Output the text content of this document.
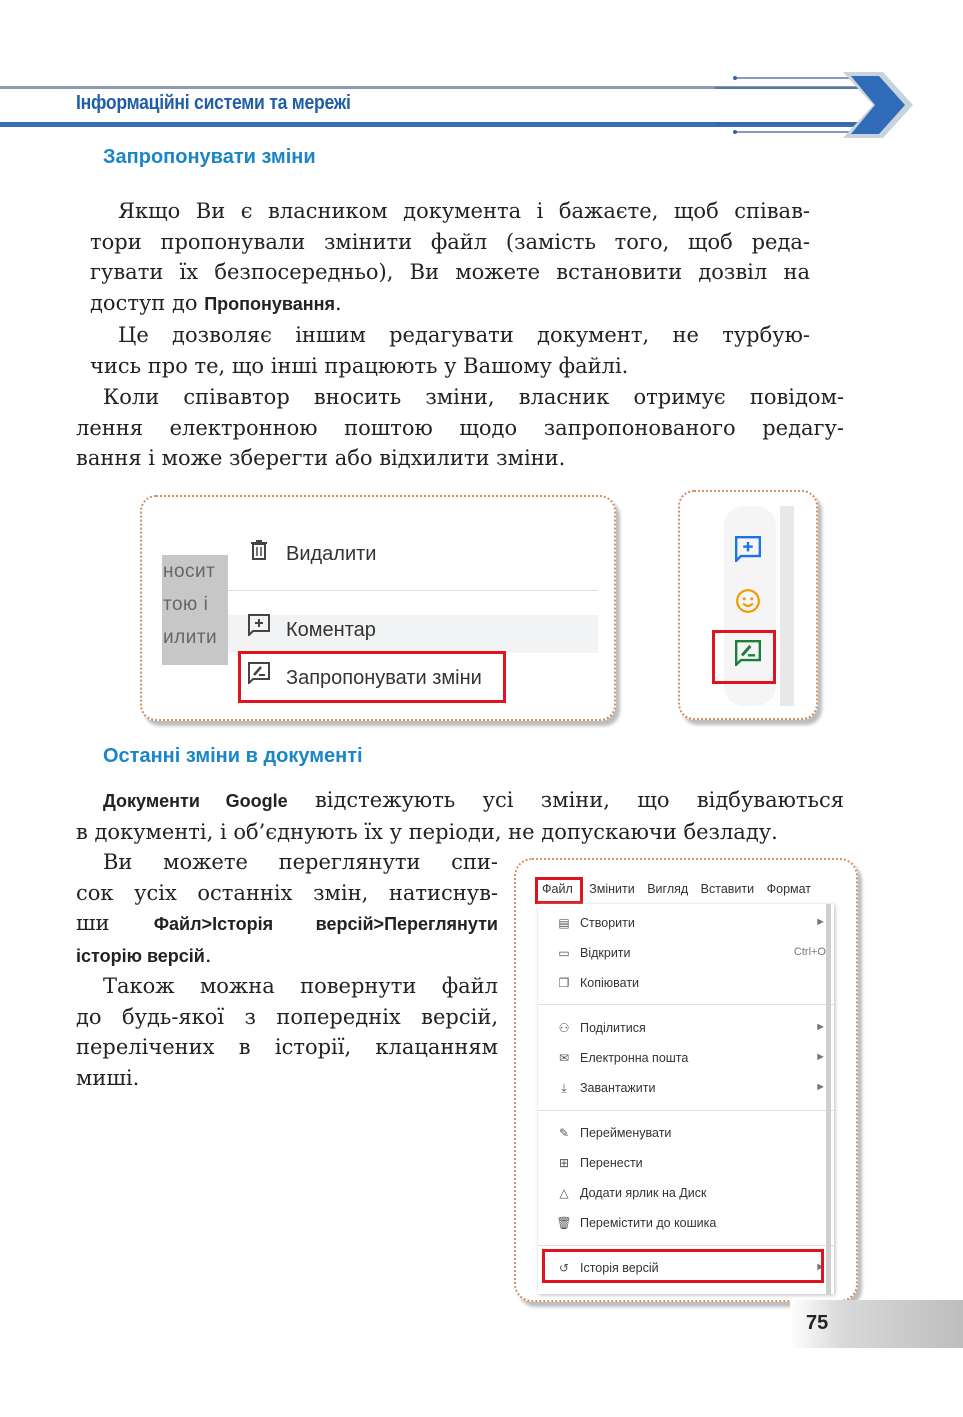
Інформаційні системи та мережі
Запропонувати зміни
Якщо Ви є власником документа і бажаєте, щоб співав-
тори пропонували змінити файл (замість того, щоб реда-
гувати їх безпосередньо), Ви можете встановити дозвіл на
доступ до Пропонування.
Це дозволяє іншим редагувати документ, не турбую-
чись про те, що інші працюють у Вашому файлі.
Коли співавтор вносить зміни, власник отримує повідом-
лення електронною поштою щодо запропонованого редагу-
вання і може зберегти або відхилити зміни.
носит
тою і
илити
Видалити
Коментар
Запропонувати зміни
Останні зміни в документі
Документи Google відстежують усі зміни, що відбуваються
в документі, і об’єднують їх у періоди, не допускаючи безладу.
Ви можете переглянути спи-
сок усіх останніх змін, натиснув-
ши Файл>Історія версій>Переглянути
історію версій.
Також можна повернути файл
до будь-якої з попередніх версій,
перелічених в історії, клацанням
миші.
Файл Змінити Вигляд Вставити Формат
▤ Створити	►
▭ Відкрити	Ctrl+O
❐ Копіювати
⚇ Поділитися	►
✉ Електронна пошта	►
⤓ Завантажити	►
✎ Перейменувати
⊞ Перенести
△ Додати ярлик на Диск
🗑 Перемістити до кошика
↺ Історія версій	►
75
